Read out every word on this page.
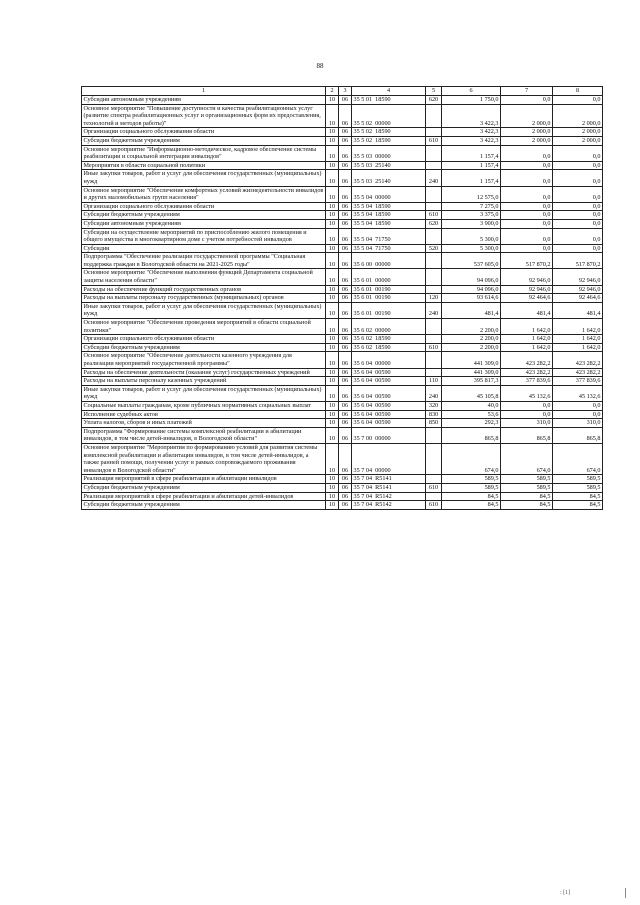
88
1	2	3	4	5	6	7	8
Субсидии автономным учреждениям	10	06	35 5 01  18590	620	1 750,0	0,0	0,0
Основное мероприятие "Повышение доступности и качества реабилитационных услуг (развитие спектра реабилитационных услуг и организационных форм их предоставления, технологий и методов работы)"	10	06	35 5 02  00000		3 422,3	2 000,0	2 000,0
Организации социального обслуживания области	10	06	35 5 02  18590		3 422,3	2 000,0	2 000,0
Субсидии бюджетным учреждениям	10	06	35 5 02  18590	610	3 422,3	2 000,0	2 000,0
Основное мероприятие "Информационно-методическое, кадровое обеспечение системы реабилитации и социальной интеграции инвалидов"	10	06	35 5 03  00000		1 157,4	0,0	0,0
Мероприятия в области социальной политики	10	06	35 5 03  25140		1 157,4	0,0	0,0
Иные закупки товаров, работ и услуг для обеспечения государственных (муниципальных) нужд	10	06	35 5 03  25140	240	1 157,4	0,0	0,0
Основное мероприятие "Обеспечение комфортных условий жизнедеятельности инвалидов и других маломобильных групп населения"	10	06	35 5 04  00000		12 575,0	0,0	0,0
Организации социального обслуживания области	10	06	35 5 04  18590		7 275,0	0,0	0,0
Субсидии бюджетным учреждениям	10	06	35 5 04  18590	610	3 375,0	0,0	0,0
Субсидии автономным учреждениям	10	06	35 5 04  18590	620	3 900,0	0,0	0,0
Субсидии на осуществление мероприятий по приспособлению жилого помещения и общего имущества в многоквартирном доме с учетом потребностей инвалидов	10	06	35 5 04  71750		5 300,0	0,0	0,0
Субсидии	10	06	35 5 04  71750	520	5 300,0	0,0	0,0
Подпрограмма "Обеспечение реализации государственной программы "Социальная поддержка граждан в Вологодской области на 2021-2025 годы"	10	06	35 6 00  00000		537 605,0	517 870,2	517 870,2
Основное мероприятие "Обеспечение выполнения функций Департамента социальной защиты населения области"	10	06	35 6 01  00000		94 096,0	92 946,0	92 946,0
Расходы на обеспечение функций государственных органов	10	06	35 6 01  00190		94 096,0	92 946,0	92 946,0
Расходы на выплаты персоналу государственных (муниципальных) органов	10	06	35 6 01  00190	120	93 614,6	92 464,6	92 464,6
Иные закупки товаров, работ и услуг для обеспечения государственных (муниципальных) нужд	10	06	35 6 01  00190	240	481,4	481,4	481,4
Основное мероприятие "Обеспечение проведения мероприятий в области социальной политики"	10	06	35 6 02  00000		2 200,0	1 642,0	1 642,0
Организации социального обслуживания области	10	06	35 6 02  18590		2 200,0	1 642,0	1 642,0
Субсидии бюджетным учреждениям	10	06	35 6 02  18590	610	2 200,0	1 642,0	1 642,0
Основное мероприятие "Обеспечение деятельности казенного учреждения для реализации мероприятий государственной программы"	10	06	35 6 04  00000		441 309,0	423 282,2	423 282,2
Расходы на обеспечение деятельности (оказание услуг) государственных учреждений	10	06	35 6 04  00590		441 309,0	423 282,2	423 282,2
Расходы на выплаты персоналу казенных учреждений	10	06	35 6 04  00590	110	395 817,3	377 839,6	377 839,6
Иные закупки товаров, работ и услуг для обеспечения государственных (муниципальных) нужд	10	06	35 6 04  00590	240	45 105,8	45 132,6	45 132,6
Социальные выплаты гражданам, кроме публичных нормативных социальных выплат	10	06	35 6 04  00590	320	40,0	0,0	0,0
Исполнение судебных актов	10	06	35 6 04  00590	830	53,6	0,0	0,0
Уплата налогов, сборов и иных платежей	10	06	35 6 04  00590	850	292,3	310,0	310,0
Подпрограмма "Формирование системы комплексной реабилитации и абилитации инвалидов, в том числе детей-инвалидов, в Вологодской области"	10	06	35 7 00  00000		865,8	865,8	865,8
Основное мероприятие "Мероприятия по формированию условий для развития системы комплексной реабилитации и абилитации инвалидов, в том числе детей-инвалидов, а также ранней помощи, получении услуг в рамках сопровождаемого проживания инвалидов в Вологодской области"	10	06	35 7 04  00000		674,0	674,0	674,0
Реализация мероприятий в сфере реабилитации и абилитации инвалидов	10	06	35 7 04  R5141		589,5	589,5	589,5
Субсидии бюджетным учреждениям	10	06	35 7 04  R5141	610	589,5	589,5	589,5
Реализация мероприятий в сфере реабилитации и абилитации детей-инвалидов	10	06	35 7 04  R5142		84,5	84,5	84,5
Субсидии бюджетным учреждениям	10	06	35 7 04  R5142	610	84,5	84,5	84,5
: [1]
